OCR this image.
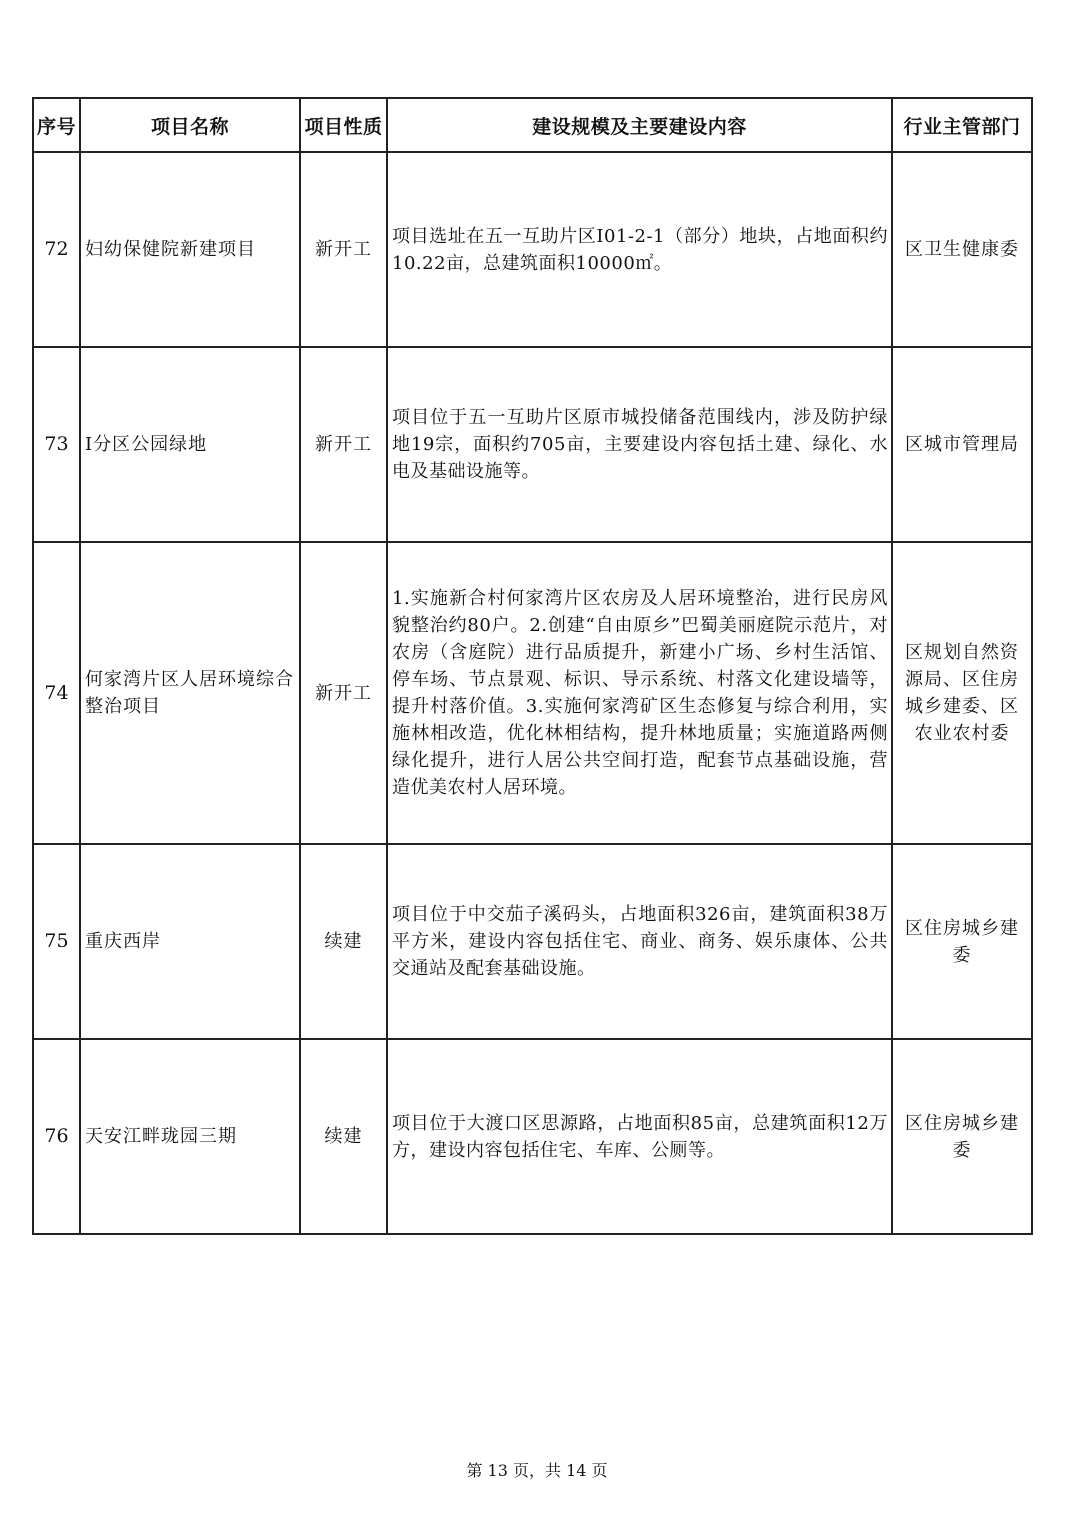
序号	项目名称	项目性质	建设规模及主要建设内容	行业主管部门
72	妇幼保健院新建项目	新开工	项目选址在五一互助片区I01-2-1（部分）地块，占地面积约10.22亩，总建筑面积10000㎡。	区卫生健康委
73	I分区公园绿地	新开工	项目位于五一互助片区原市城投储备范围线内，涉及防护绿地19宗，面积约705亩，主要建设内容包括土建、绿化、水电及基础设施等。	区城市管理局
74	何家湾片区人居环境综合整治项目	新开工	1.实施新合村何家湾片区农房及人居环境整治，进行民房风貌整治约80户。2.创建“自由原乡”巴蜀美丽庭院示范片，对农房（含庭院）进行品质提升，新建小广场、乡村生活馆、停车场、节点景观、标识、导示系统、村落文化建设墙等，提升村落价值。3.实施何家湾矿区生态修复与综合利用，实施林相改造，优化林相结构，提升林地质量；实施道路两侧绿化提升，进行人居公共空间打造，配套节点基础设施，营造优美农村人居环境。	区规划自然资源局、区住房城乡建委、区农业农村委
75	重庆西岸	续建	项目位于中交茄子溪码头，占地面积326亩，建筑面积38万平方米，建设内容包括住宅、商业、商务、娱乐康体、公共交通站及配套基础设施。	区住房城乡建委
76	天安江畔珑园三期	续建	项目位于大渡口区思源路，占地面积85亩，总建筑面积12万方，建设内容包括住宅、车库、公厕等。	区住房城乡建委
第 13 页，共 14 页
